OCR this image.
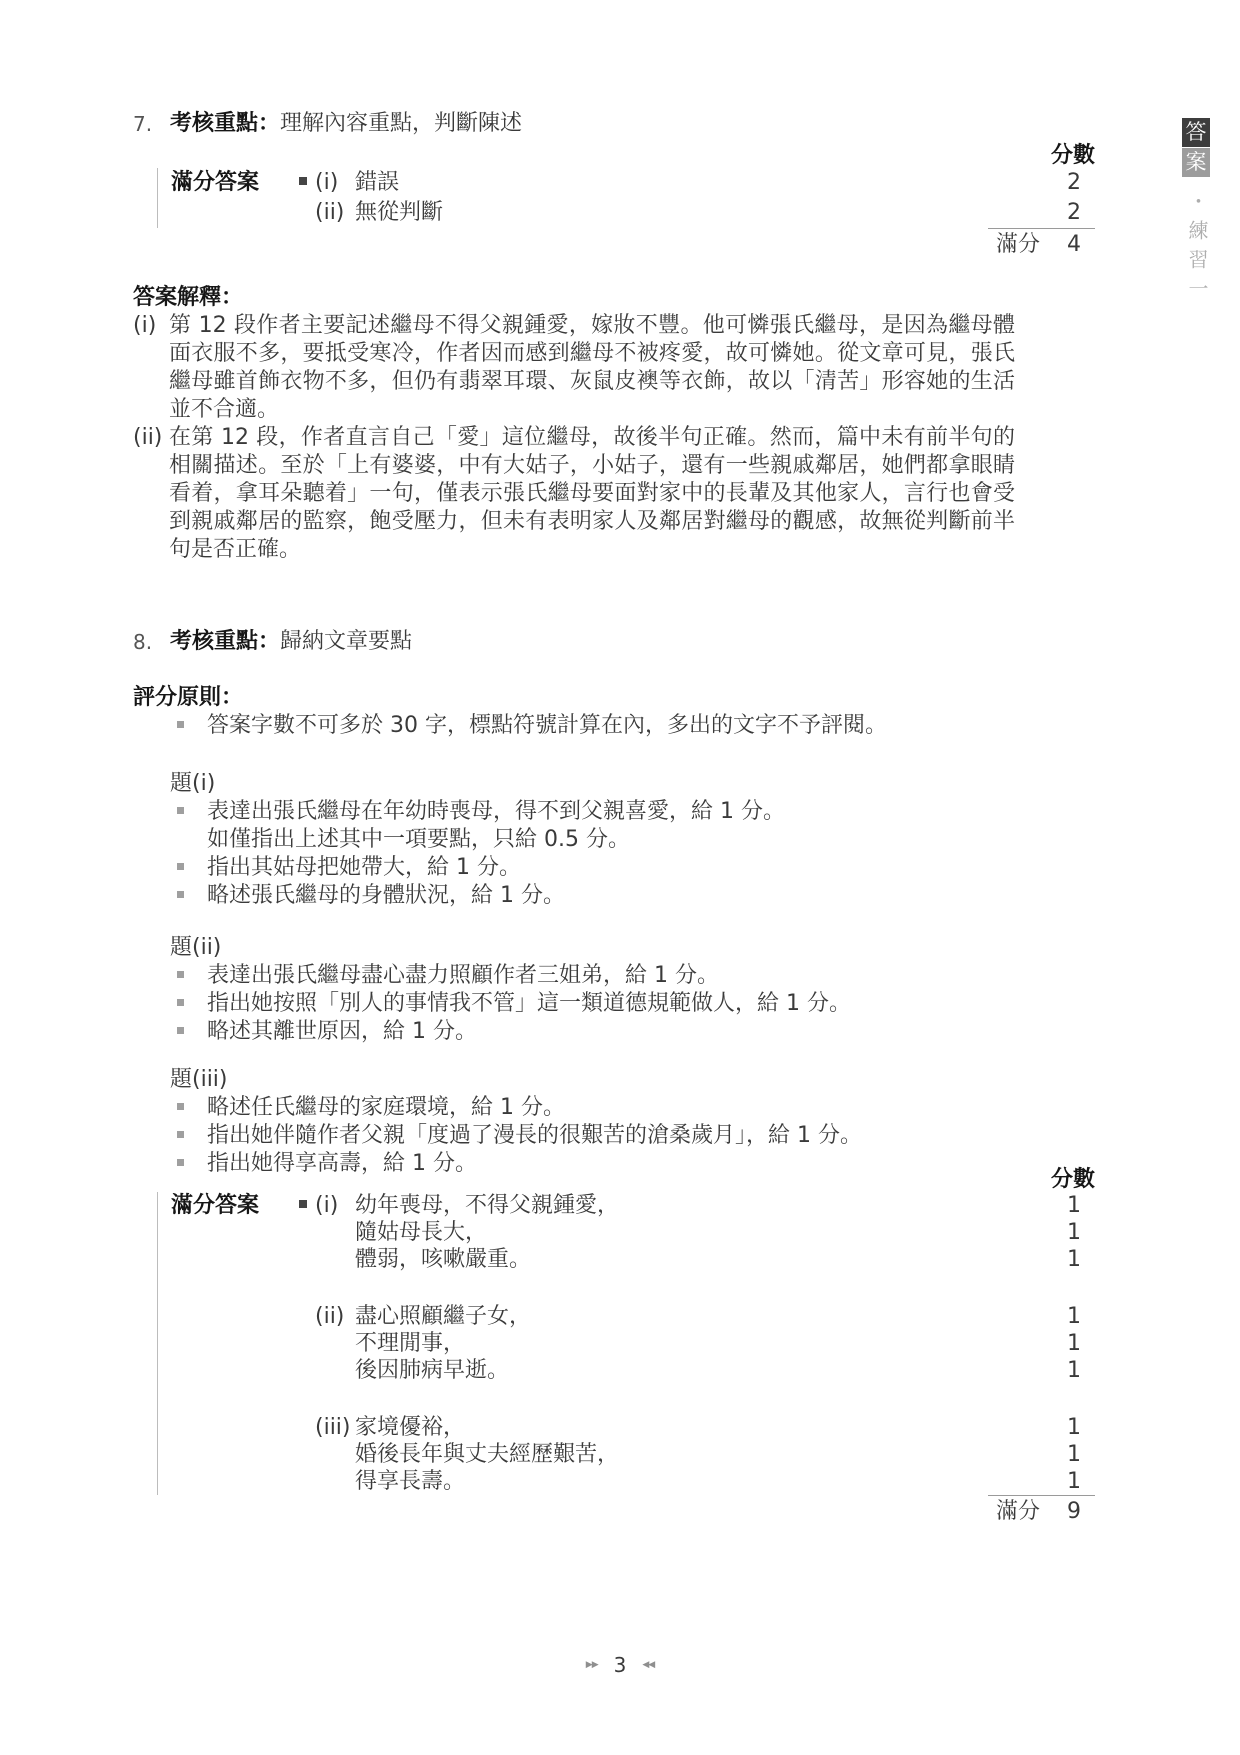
答
案
・練習一
7. 考核重點： 理解內容重點，判斷陳述
分數
滿分答案	(i) 錯誤	2
(ii) 無從判斷	2
滿分 4
答案解釋：
(i) 第 12 段作者主要記述繼母不得父親鍾愛，嫁妝不豐。他可憐張氏繼母，是因為繼母體面衣服不多，要抵受寒冷，作者因而感到繼母不被疼愛，故可憐她。從文章可見，張氏繼母雖首飾衣物不多，但仍有翡翠耳環、灰鼠皮襖等衣飾，故以「清苦」形容她的生活並不合適。
(ii) 在第 12 段，作者直言自己「愛」這位繼母，故後半句正確。然而，篇中未有前半句的相關描述。至於「上有婆婆，中有大姑子，小姑子，還有一些親戚鄰居，她們都拿眼睛看着，拿耳朵聽着」一句，僅表示張氏繼母要面對家中的長輩及其他家人，言行也會受到親戚鄰居的監察，飽受壓力，但未有表明家人及鄰居對繼母的觀感，故無從判斷前半句是否正確。
8. 考核重點： 歸納文章要點
評分原則：
答案字數不可多於 30 字，標點符號計算在內，多出的文字不予評閱。
題(i)
表達出張氏繼母在年幼時喪母，得不到父親喜愛，給 1 分。
如僅指出上述其中一項要點，只給 0.5 分。
指出其姑母把她帶大，給 1 分。
略述張氏繼母的身體狀況，給 1 分。
題(ii)
表達出張氏繼母盡心盡力照顧作者三姐弟，給 1 分。
指出她按照「別人的事情我不管」這一類道德規範做人，給 1 分。
略述其離世原因，給 1 分。
題(iii)
略述任氏繼母的家庭環境，給 1 分。
指出她伴隨作者父親「度過了漫長的很艱苦的滄桑歲月」，給 1 分。
指出她得享高壽，給 1 分。
分數
滿分答案	(i) 幼年喪母，不得父親鍾愛，	1
隨姑母長大，	1
體弱，咳嗽嚴重。	1
(ii) 盡心照顧繼子女，	1
不理閒事，	1
後因肺病早逝。	1
(iii) 家境優裕，	1
婚後長年與丈夫經歷艱苦，	1
得享長壽。	1
滿分 9
▶▶ 3 ◀◀
